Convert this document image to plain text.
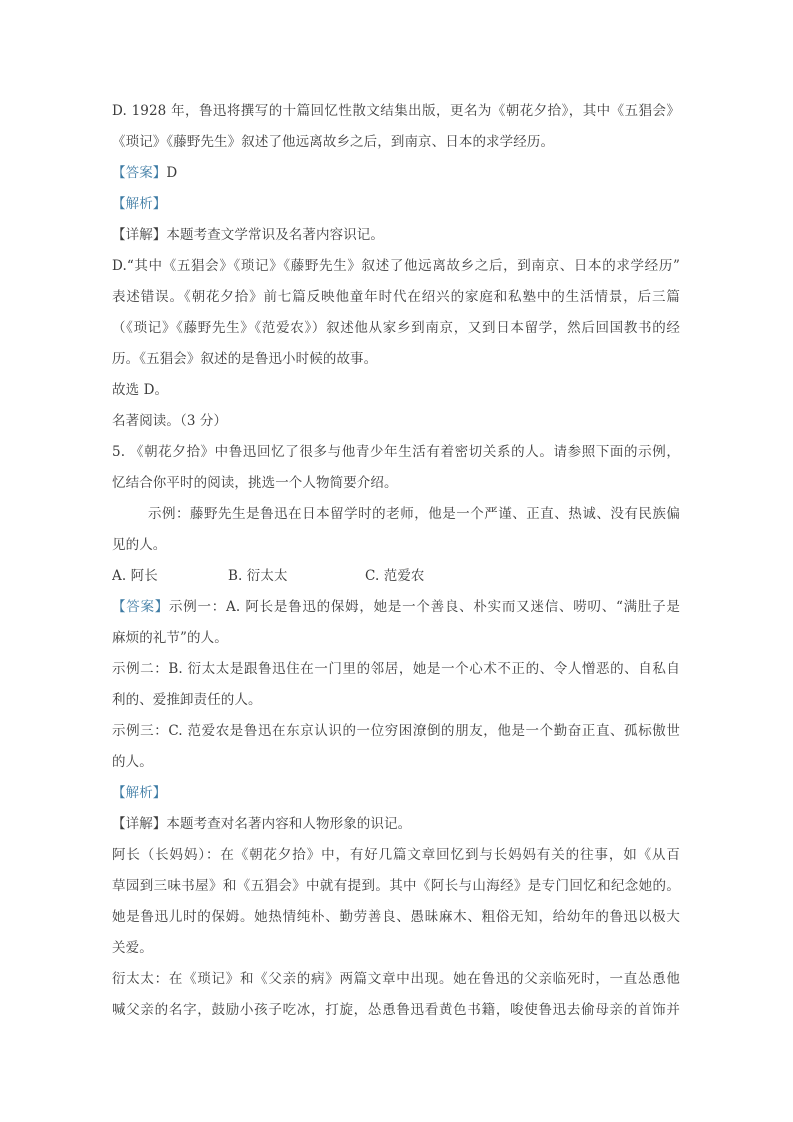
D. 1928 年，鲁迅将撰写的十篇回忆性散文结集出版，更名为《朝花夕拾》，其中《五猖会》
《琐记》《藤野先生》叙述了他远离故乡之后，到南京、日本的求学经历。
【答案】D
【解析】
【详解】本题考查文学常识及名著内容识记。
D.“其中《五猖会》《琐记》《藤野先生》叙述了他远离故乡之后，到南京、日本的求学经历”
表述错误。《朝花夕拾》前七篇反映他童年时代在绍兴的家庭和私塾中的生活情景，后三篇
（《琐记》《藤野先生》《范爱农》）叙述他从家乡到南京，又到日本留学，然后回国教书的经
历。《五猖会》叙述的是鲁迅小时候的故事。
故选 D。
名著阅读。（3 分）
5. 《朝花夕拾》中鲁迅回忆了很多与他青少年生活有着密切关系的人。请参照下面的示例，
忆结合你平时的阅读，挑选一个人物简要介绍。
示例：藤野先生是鲁迅在日本留学时的老师，他是一个严谨、正直、热诚、没有民族偏
见的人。
A. 阿长	B. 衍太太	C. 范爱农
【答案】示例一：A. 阿长是鲁迅的保姆，她是一个善良、朴实而又迷信、唠叨、“满肚子是
麻烦的礼节”的人。
示例二：B. 衍太太是跟鲁迅住在一门里的邻居，她是一个心术不正的、令人憎恶的、自私自
利的、爱推卸责任的人。
示例三：C. 范爱农是鲁迅在东京认识的一位穷困潦倒的朋友，他是一个勤奋正直、孤标傲世
的人。
【解析】
【详解】本题考查对名著内容和人物形象的识记。
阿长（长妈妈）：在《朝花夕拾》中，有好几篇文章回忆到与长妈妈有关的往事，如《从百
草园到三味书屋》和《五猖会》中就有提到。其中《阿长与山海经》是专门回忆和纪念她的。
她是鲁迅儿时的保姆。她热情纯朴、勤劳善良、愚昧麻木、粗俗无知，给幼年的鲁迅以极大
关爱。
衍太太：在《琐记》和《父亲的病》两篇文章中出现。她在鲁迅的父亲临死时，一直怂恿他
喊父亲的名字，鼓励小孩子吃冰，打旋，怂恿鲁迅看黄色书籍，唆使鲁迅去偷母亲的首饰并
